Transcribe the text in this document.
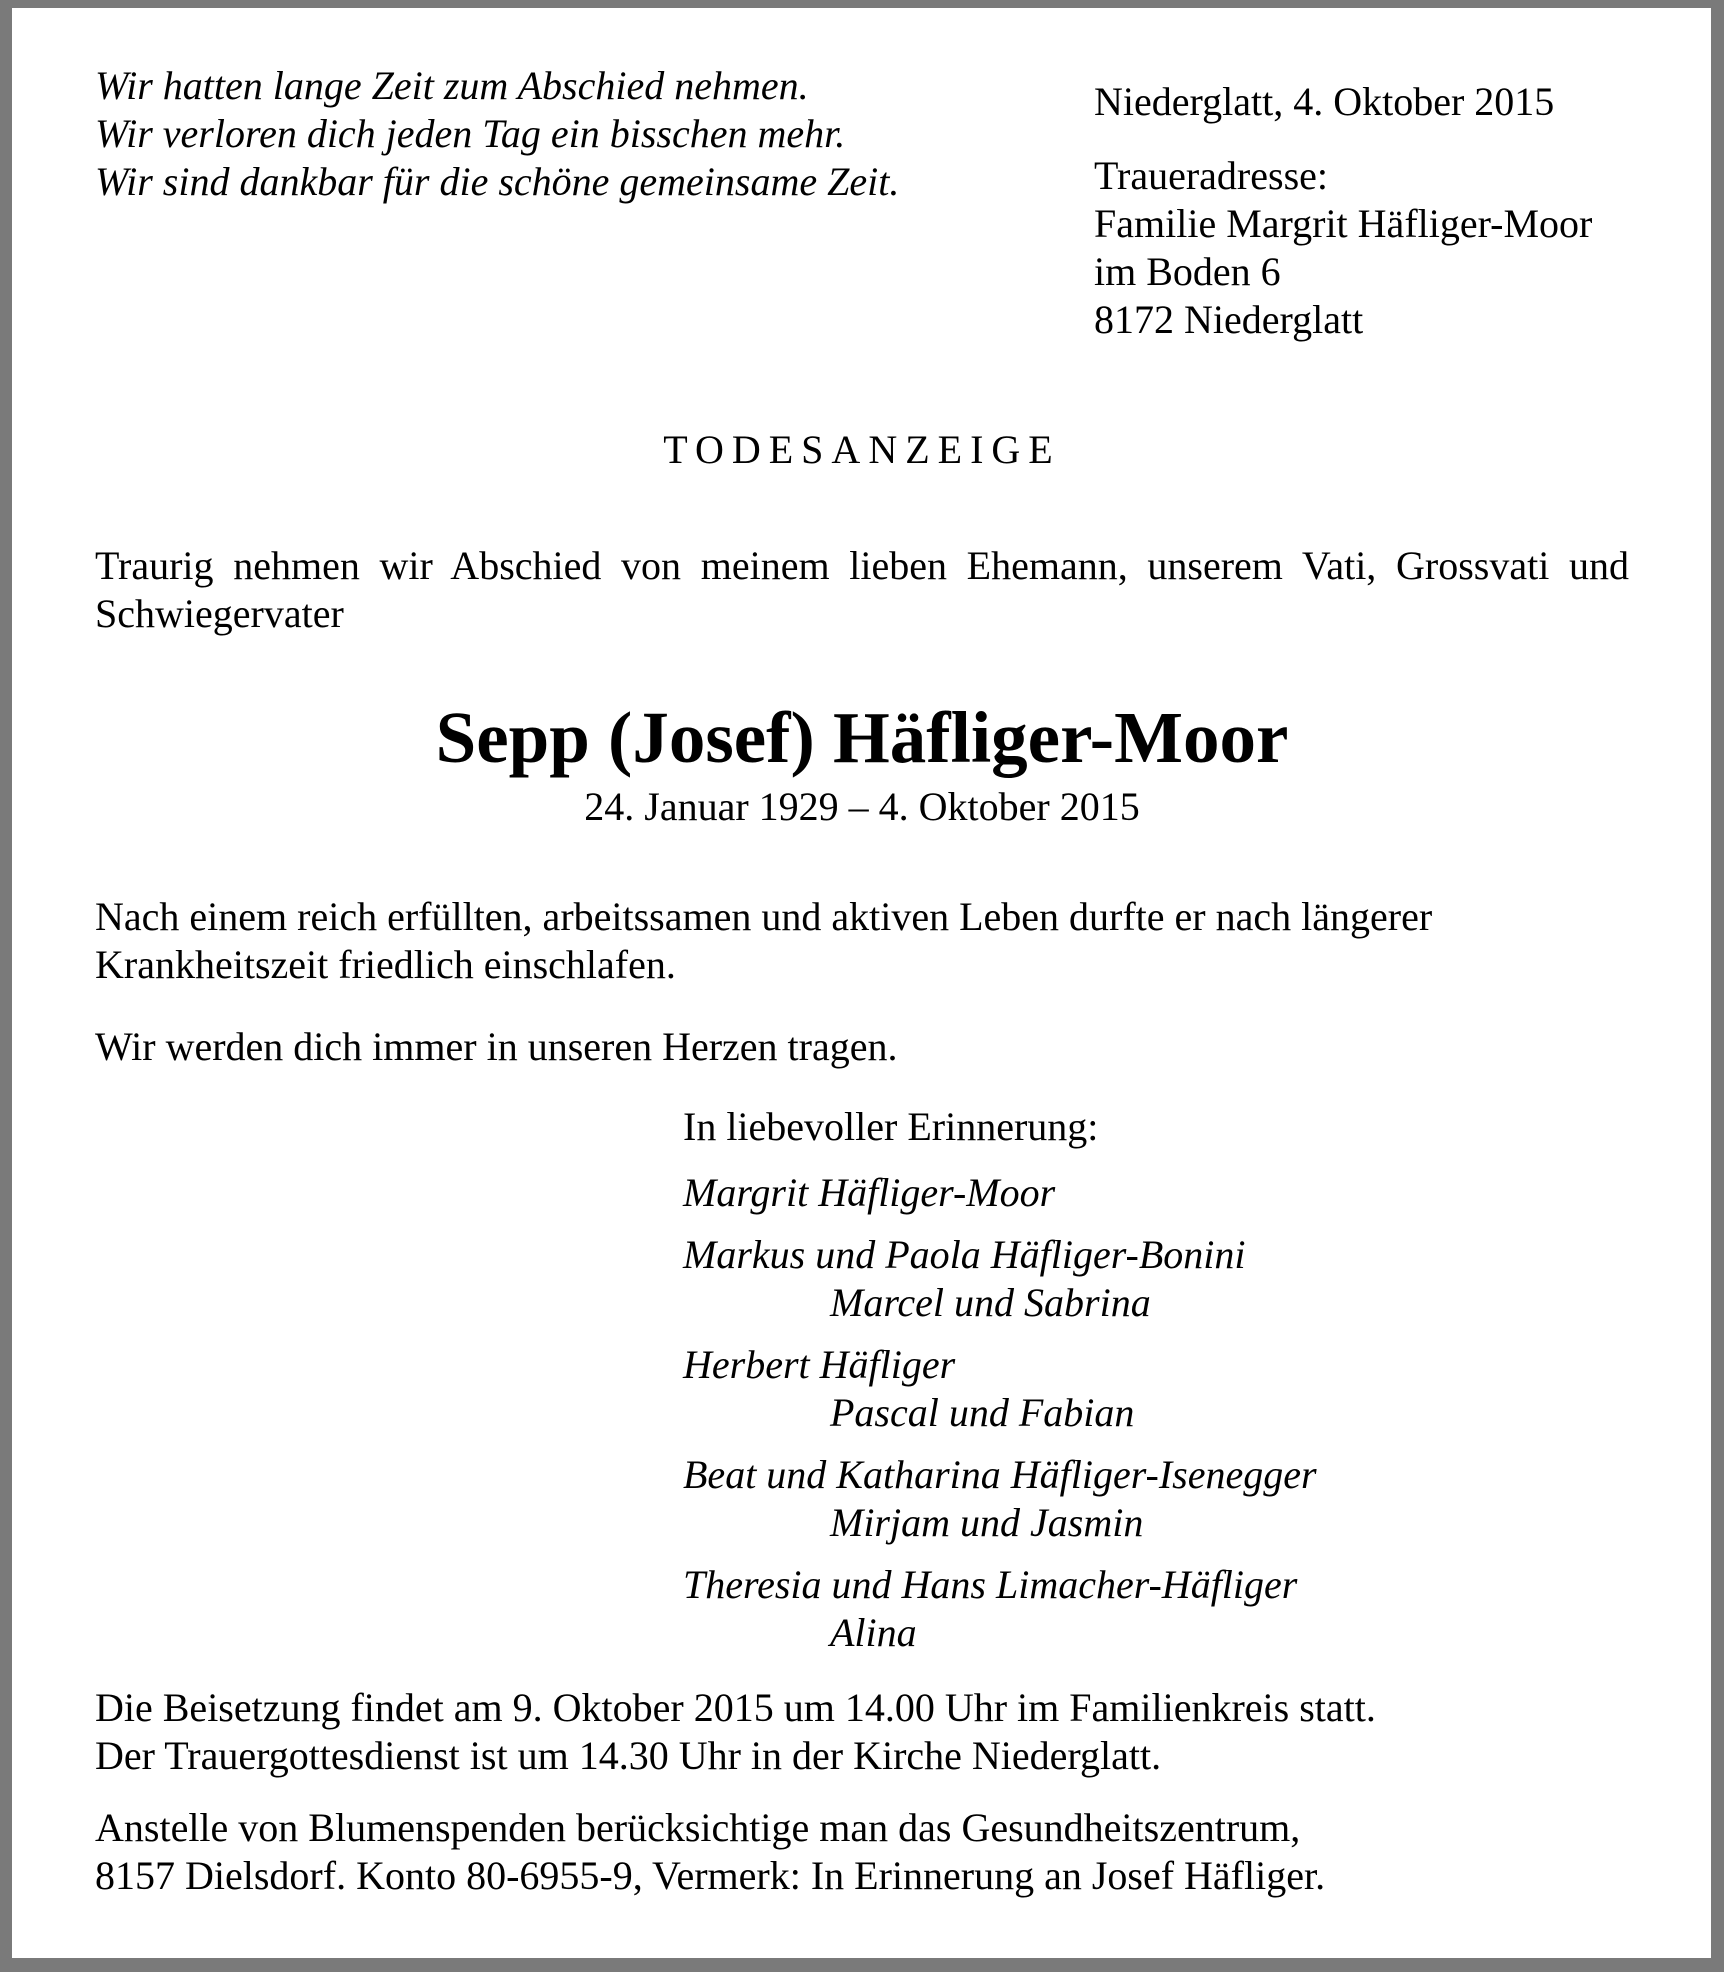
Wir hatten lange Zeit zum Abschied nehmen.
Wir verloren dich jeden Tag ein bisschen mehr.
Wir sind dankbar für die schöne gemeinsame Zeit.
Niederglatt, 4. Oktober 2015
Traueradresse:
Familie Margrit Häfliger-Moor
im Boden 6
8172 Niederglatt
TODESANZEIGE

Traurig nehmen wir Abschied von meinem lieben Ehemann, unserem Vati, Grossvati und Schwiegervater

Sepp (Josef) Häfliger-Moor
24. Januar 1929 – 4. Oktober 2015

Nach einem reich erfüllten, arbeitssamen und aktiven Leben durfte er nach längerer Krankheitszeit friedlich einschlafen.

Wir werden dich immer in unseren Herzen tragen.

In liebevoller Erinnerung:
Margrit Häfliger-Moor
Markus und Paola Häfliger-Bonini
Marcel und Sabrina
Herbert Häfliger
Pascal und Fabian
Beat und Katharina Häfliger-Isenegger
Mirjam und Jasmin
Theresia und Hans Limacher-Häfliger
Alina
Die Beisetzung findet am 9. Oktober 2015 um 14.00 Uhr im Familienkreis statt.
Der Trauergottesdienst ist um 14.30 Uhr in der Kirche Niederglatt.
Anstelle von Blumenspenden berücksichtige man das Gesundheitszentrum,
8157 Dielsdorf. Konto 80-6955-9, Vermerk: In Erinnerung an Josef Häfliger.
